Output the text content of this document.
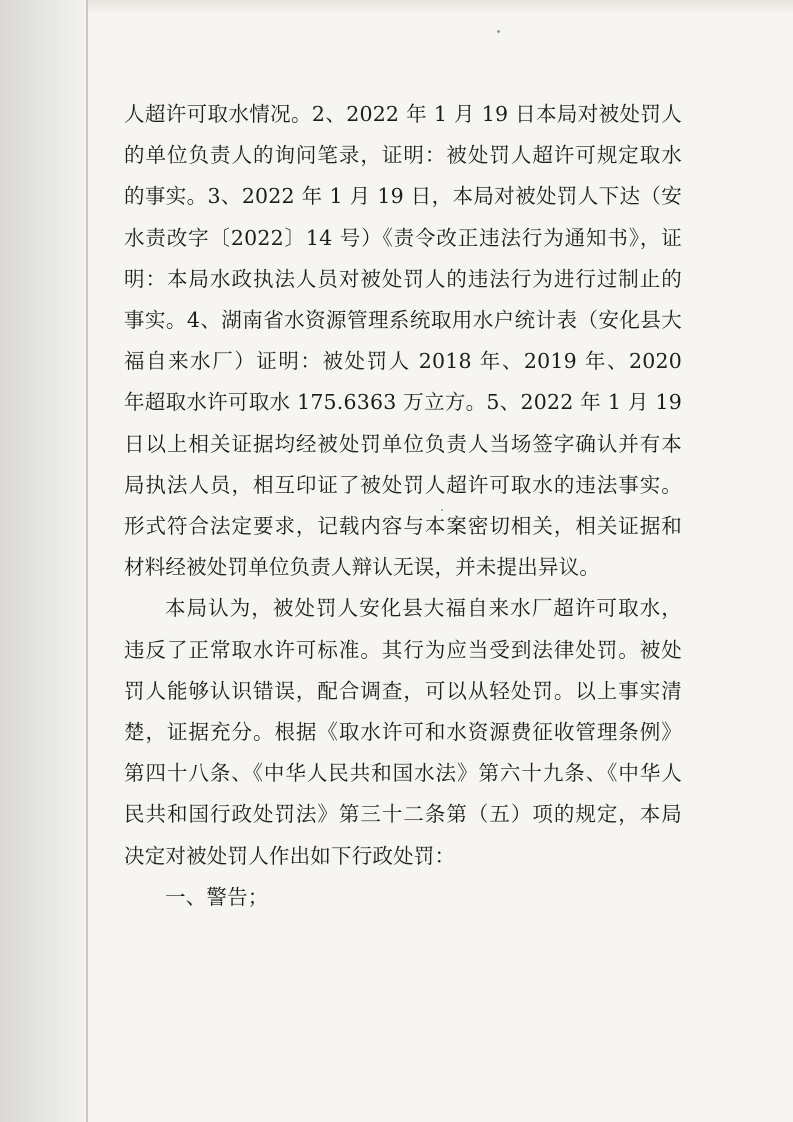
人超许可取水情况。2、2022 年 1 月 19 日本局对被处罚人的单位负责人的询问笔录，证明：被处罚人超许可规定取水的事实。3、2022 年 1 月 19 日，本局对被处罚人下达（安水责改字〔2022〕14 号）《责令改正违法行为通知书》，证明：本局水政执法人员对被处罚人的违法行为进行过制止的事实。4、湖南省水资源管理系统取用水户统计表（安化县大福自来水厂）证明：被处罚人 2018 年、2019 年、2020 年超取水许可取水 175.6363 万立方。5、2022 年 1 月 19 日以上相关证据均经被处罚单位负责人当场签字确认并有本局执法人员，相互印证了被处罚人超许可取水的违法事实。形式符合法定要求，记载内容与本案密切相关，相关证据和材料经被处罚单位负责人辩认无误，并未提出异议。

本局认为，被处罚人安化县大福自来水厂超许可取水，违反了正常取水许可标准。其行为应当受到法律处罚。被处罚人能够认识错误，配合调查，可以从轻处罚。以上事实清楚，证据充分。根据《取水许可和水资源费征收管理条例》第四十八条、《中华人民共和国水法》第六十九条、《中华人民共和国行政处罚法》第三十二条第（五）项的规定，本局决定对被处罚人作出如下行政处罚：

一、警告；
